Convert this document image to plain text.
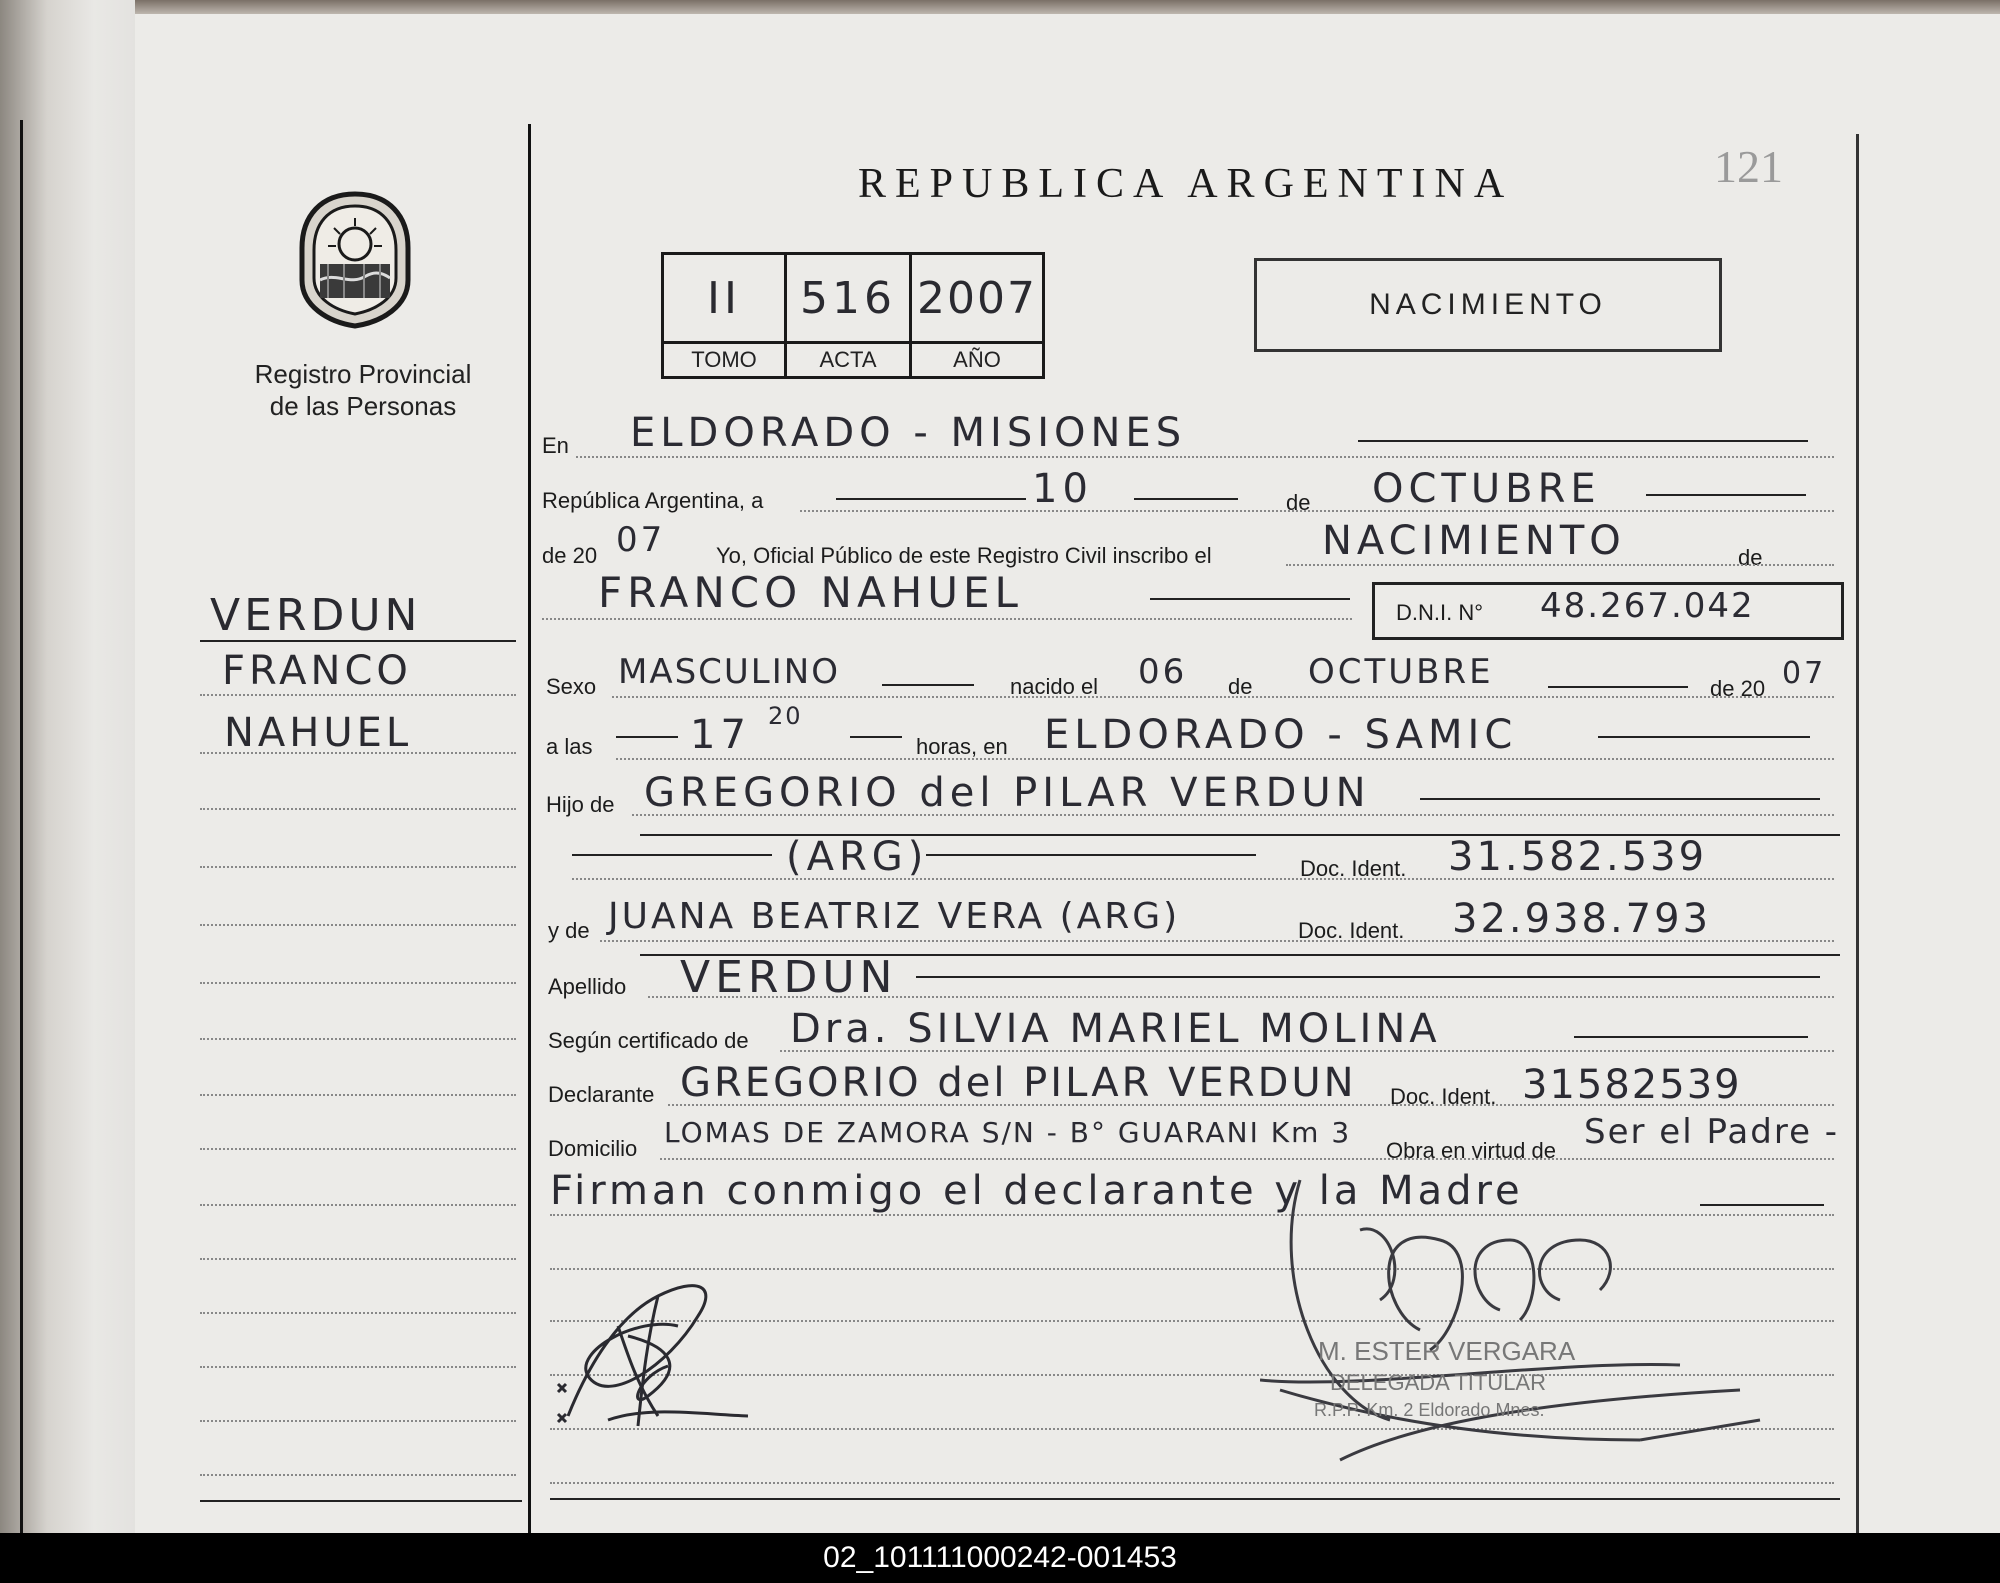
Registro Provincial
de las Personas
VERDUN
FRANCO
NAHUEL
REPUBLICA ARGENTINA	121
II	516	2007
TOMO	ACTA	AÑO
NACIMIENTO
En ELDORADO - MISIONES
República Argentina, a	10	de OCTUBRE
de 20 07 Yo, Oficial Público de este Registro Civil inscribo el	NACIMIENTO	de
FRANCO NAHUEL	D.N.I. N° 48.267.042
Sexo MASCULINO	nacido el 06 de OCTUBRE	de 20 07
a las 17 20
horas, en ELDORADO - SAMIC
Hijo de GREGORIO del PILAR VERDUN
(ARG)	Doc. Ident. 31.582.539
y de JUANA BEATRIZ VERA (ARG)	Doc. Ident. 32.938.793
Apellido VERDUN
Según certificado de Dra. SILVIA MARIEL MOLINA
Declarante GREGORIO del PILAR VERDUN Doc. Ident. 31582539
Domicilio LOMAS DE ZAMORA S/N - B° GUARANI Km 3
Obra en virtud de Ser el Padre -
Firman conmigo el declarante y la Madre
M. ESTER VERGARA
DELEGADA TITULAR
R.P.P. Km. 2 Eldorado Mnes.
02_101111000242-001453
